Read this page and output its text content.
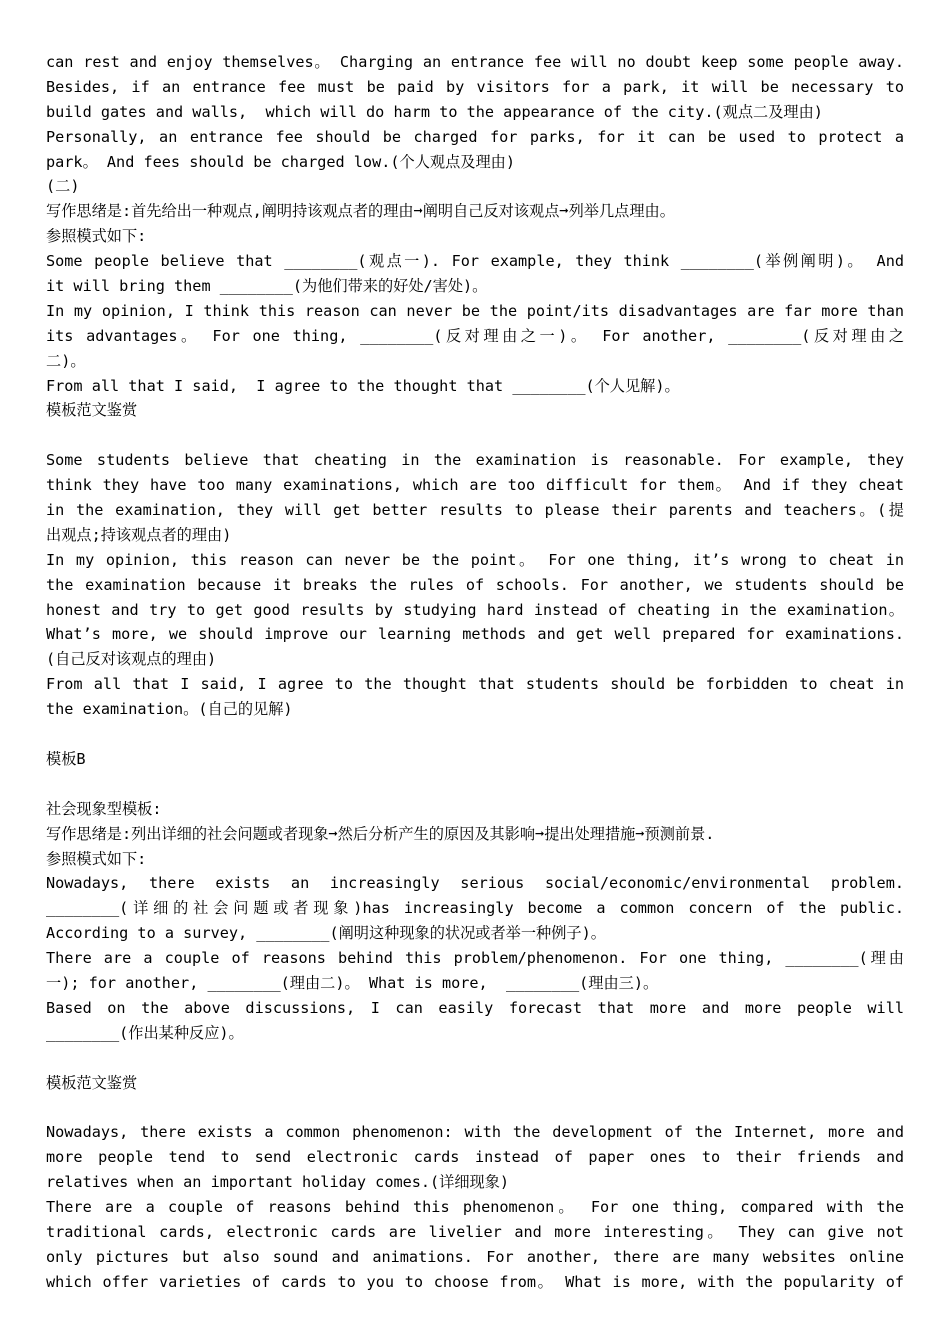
can rest and enjoy themselves。 Charging an entrance fee will no doubt keep some people away.
Besides, if an entrance fee must be paid by visitors for a park, it will be necessary to
build gates and walls,  which will do harm to the appearance of the city.(观点二及理由)
Personally, an entrance fee should be charged for parks, for it can be used to protect a
park。 And fees should be charged low.(个人观点及理由)
(二)
写作思绪是:首先给出一种观点,阐明持该观点者的理由➞阐明自己反对该观点➞列举几点理由。
参照模式如下:
Some people believe that ________(观点一). For example, they think ________(举例阐明)。 And
it will bring them ________(为他们带来的好处/害处)。
In my opinion, I think this reason can never be the point/its disadvantages are far more than
its advantages。 For one thing, ________(反对理由之一)。 For another, ________(反对理由之
二)。
From all that I said,  I agree to the thought that ________(个人见解)。
模板范文鉴赏
Some students believe that cheating in the examination is reasonable. For example, they
think they have too many examinations, which are too difficult for them。 And if they cheat
in the examination, they will get better results to please their parents and teachers。(提
出观点;持该观点者的理由)
In my opinion, this reason can never be the point。 For one thing, it’s wrong to cheat in
the examination because it breaks the rules of schools. For another, we students should be
honest and try to get good results by studying hard instead of cheating in the examination。
What’s more, we should improve our learning methods and get well prepared for examinations.
(自己反对该观点的理由)
From all that I said, I agree to the thought that students should be forbidden to cheat in
the examination。(自己的见解)
模板B
社会现象型模板:
写作思绪是:列出详细的社会问题或者现象➞然后分析产生的原因及其影响➞提出处理措施➞预测前景.
参照模式如下:
Nowadays, there exists an increasingly serious social/economic/environmental problem.
________(详细的社会问题或者现象)has increasingly become a common concern of the public.
According to a survey, ________(阐明这种现象的状况或者举一种例子)。
There are a couple of reasons behind this problem/phenomenon. For one thing, ________(理由
一); for another, ________(理由二)。 What is more,  ________(理由三)。
Based on the above discussions, I can easily forecast that more and more people will
________(作出某种反应)。
模板范文鉴赏
Nowadays, there exists a common phenomenon: with the development of the Internet, more and
more people tend to send electronic cards instead of paper ones to their friends and
relatives when an important holiday comes.(详细现象)
There are a couple of reasons behind this phenomenon。 For one thing, compared with the
traditional cards, electronic cards are livelier and more interesting。 They can give not
only pictures but also sound and animations. For another, there are many websites online
which offer varieties of cards to you to choose from。 What is more, with the popularity of
